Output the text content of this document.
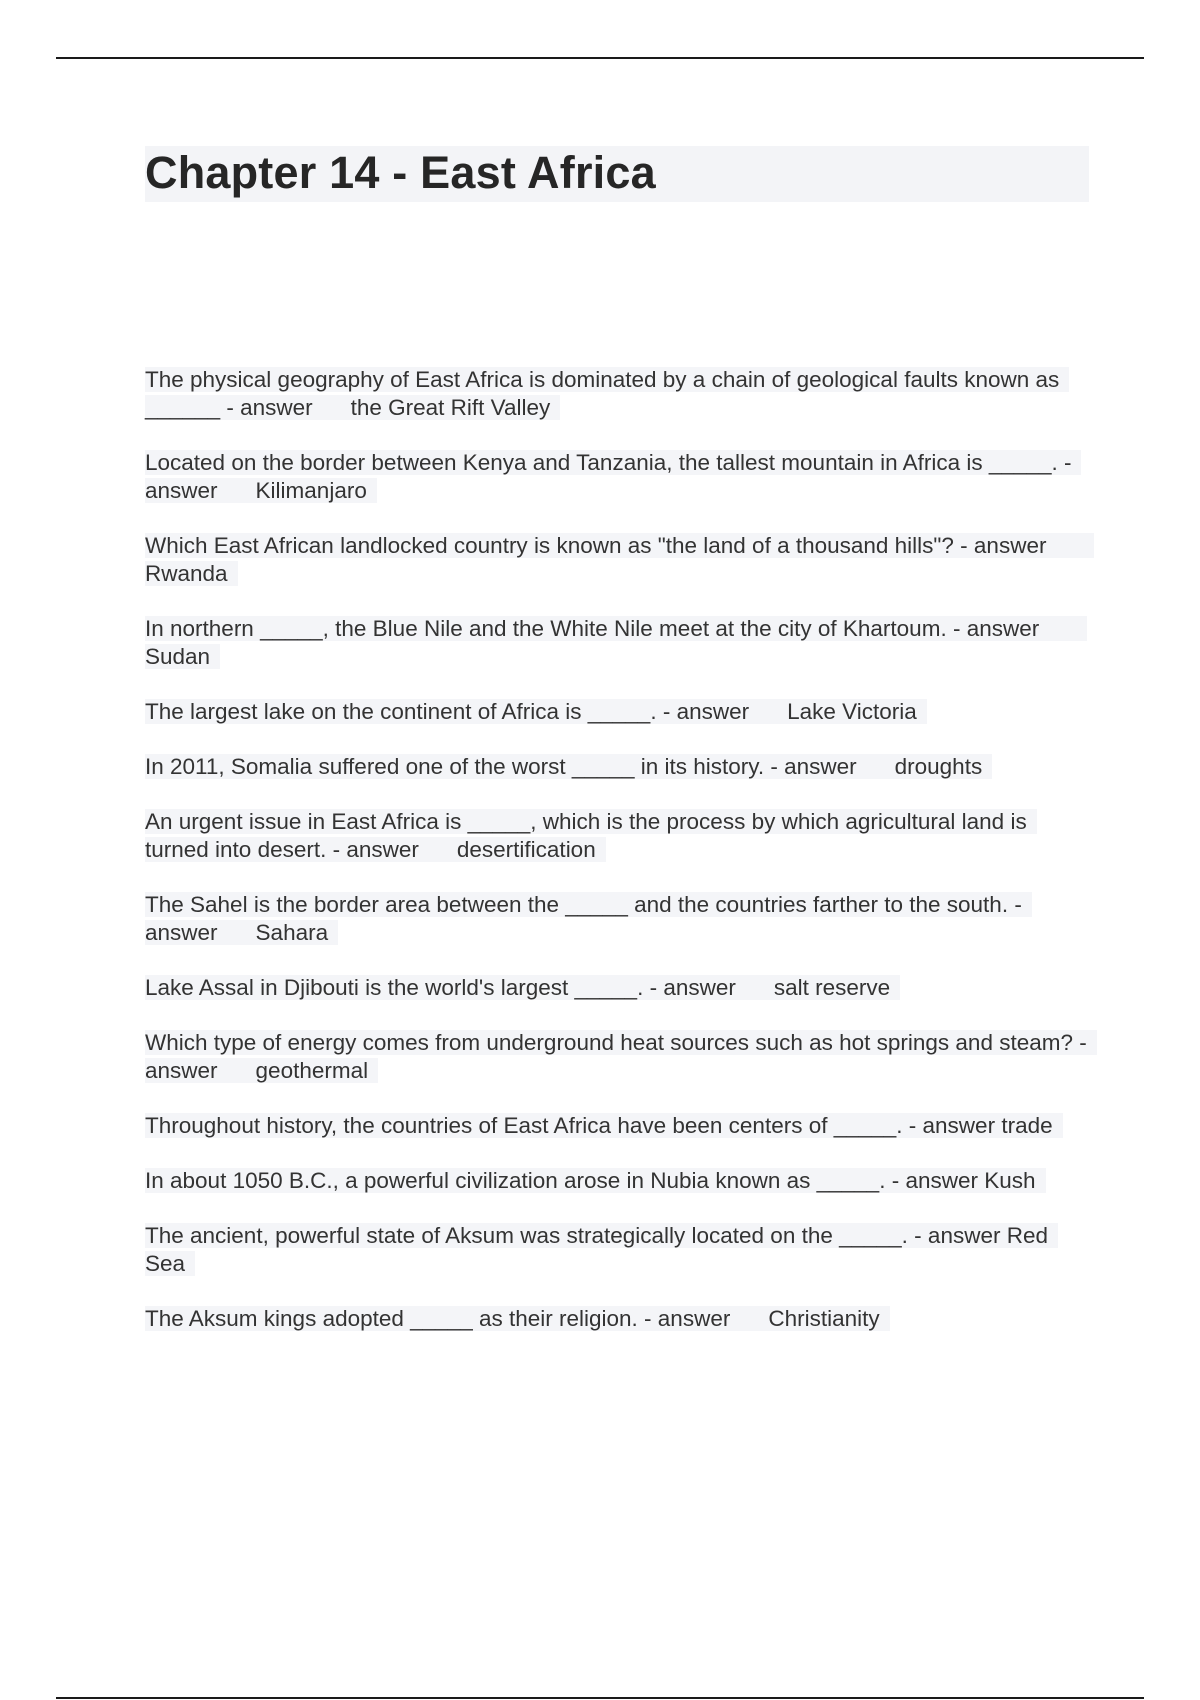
Chapter 14 - East Africa
The physical geography of East Africa is dominated by a chain of geological faults known as ______ - answer the Great Rift Valley
Located on the border between Kenya and Tanzania, the tallest mountain in Africa is _____. - answer Kilimanjaro
Which East African landlocked country is known as "the land of a thousand hills"? - answerRwanda
In northern _____, the Blue Nile and the White Nile meet at the city of Khartoum. - answerSudan
The largest lake on the continent of Africa is _____. - answer Lake Victoria
In 2011, Somalia suffered one of the worst _____ in its history. - answer droughts
An urgent issue in East Africa is _____, which is the process by which agricultural land is turned into desert. - answer desertification
The Sahel is the border area between the _____ and the countries farther to the south. - answer Sahara
Lake Assal in Djibouti is the world's largest _____. - answer salt reserve
Which type of energy comes from underground heat sources such as hot springs and steam? - answer geothermal
Throughout history, the countries of East Africa have been centers of _____. - answer trade
In about 1050 B.C., a powerful civilization arose in Nubia known as _____. - answer Kush
The ancient, powerful state of Aksum was strategically located on the _____. - answer Red Sea
The Aksum kings adopted _____ as their religion. - answer Christianity
